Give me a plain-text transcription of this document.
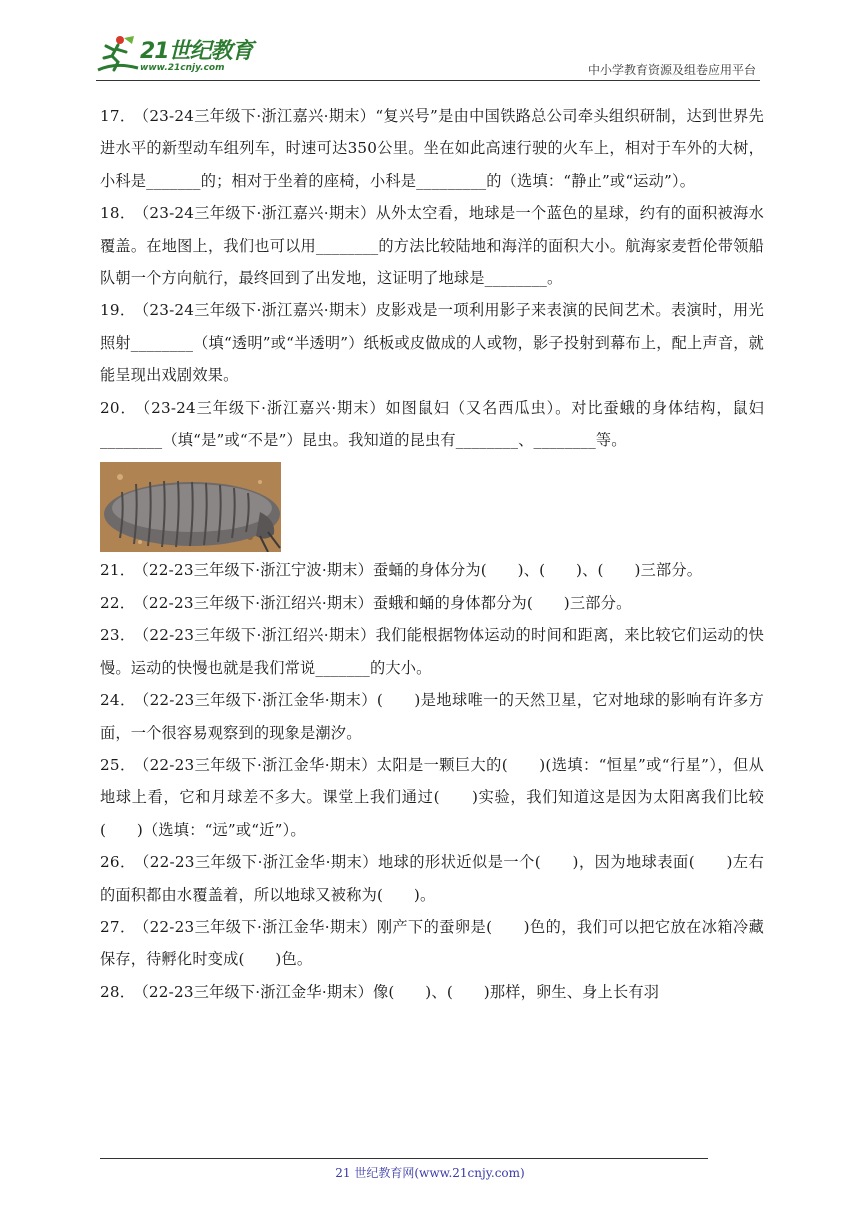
21世纪教育
www.21cnjy.com	中小学教育资源及组卷应用平台

17． （23-24三年级下·浙江嘉兴·期末）“复兴号”是由中国铁路总公司牵头组织研制，达到世界先进水平的新型动车组列车，时速可达350公里。坐在如此高速行驶的火车上，相对于车外的大树，小科是_______的；相对于坐着的座椅，小科是_________的（选填：“静止”或“运动”）。

18． （23-24三年级下·浙江嘉兴·期末）从外太空看，地球是一个蓝色的星球，约有的面积被海水覆盖。在地图上，我们也可以用________的方法比较陆地和海洋的面积大小。航海家麦哲伦带领船队朝一个方向航行，最终回到了出发地，这证明了地球是________。

19． （23-24三年级下·浙江嘉兴·期末）皮影戏是一项利用影子来表演的民间艺术。表演时，用光照射________（填“透明”或“半透明”）纸板或皮做成的人或物，影子投射到幕布上，配上声音，就能呈现出戏剧效果。

20． （23-24三年级下·浙江嘉兴·期末）如图鼠妇（又名西瓜虫）。对比蚕蛾的身体结构，鼠妇________（填“是”或“不是”）昆虫。我知道的昆虫有________、________等。

21． （22-23三年级下·浙江宁波·期末）蚕蛹的身体分为(　　)、(　　)、(　　)三部分。

22． （22-23三年级下·浙江绍兴·期末）蚕蛾和蛹的身体都分为(　　)三部分。

23． （22-23三年级下·浙江绍兴·期末）我们能根据物体运动的时间和距离，来比较它们运动的快慢。运动的快慢也就是我们常说_______的大小。

24． （22-23三年级下·浙江金华·期末）(　　)是地球唯一的天然卫星，它对地球的影响有许多方面，一个很容易观察到的现象是潮汐。

25． （22-23三年级下·浙江金华·期末）太阳是一颗巨大的(　　)(选填：“恒星”或“行星”），但从地球上看，它和月球差不多大。课堂上我们通过(　　)实验，我们知道这是因为太阳离我们比较(　　)（选填：“远”或“近”）。

26． （22-23三年级下·浙江金华·期末）地球的形状近似是一个(　　)，因为地球表面(　　)左右的面积都由水覆盖着，所以地球又被称为(　　)。

27． （22-23三年级下·浙江金华·期末）刚产下的蚕卵是(　　)色的，我们可以把它放在冰箱冷藏保存，待孵化时变成(　　)色。

28． （22-23三年级下·浙江金华·期末）像(　　)、(　　)那样，卵生、身上长有羽

21 世纪教育网(www.21cnjy.com)
